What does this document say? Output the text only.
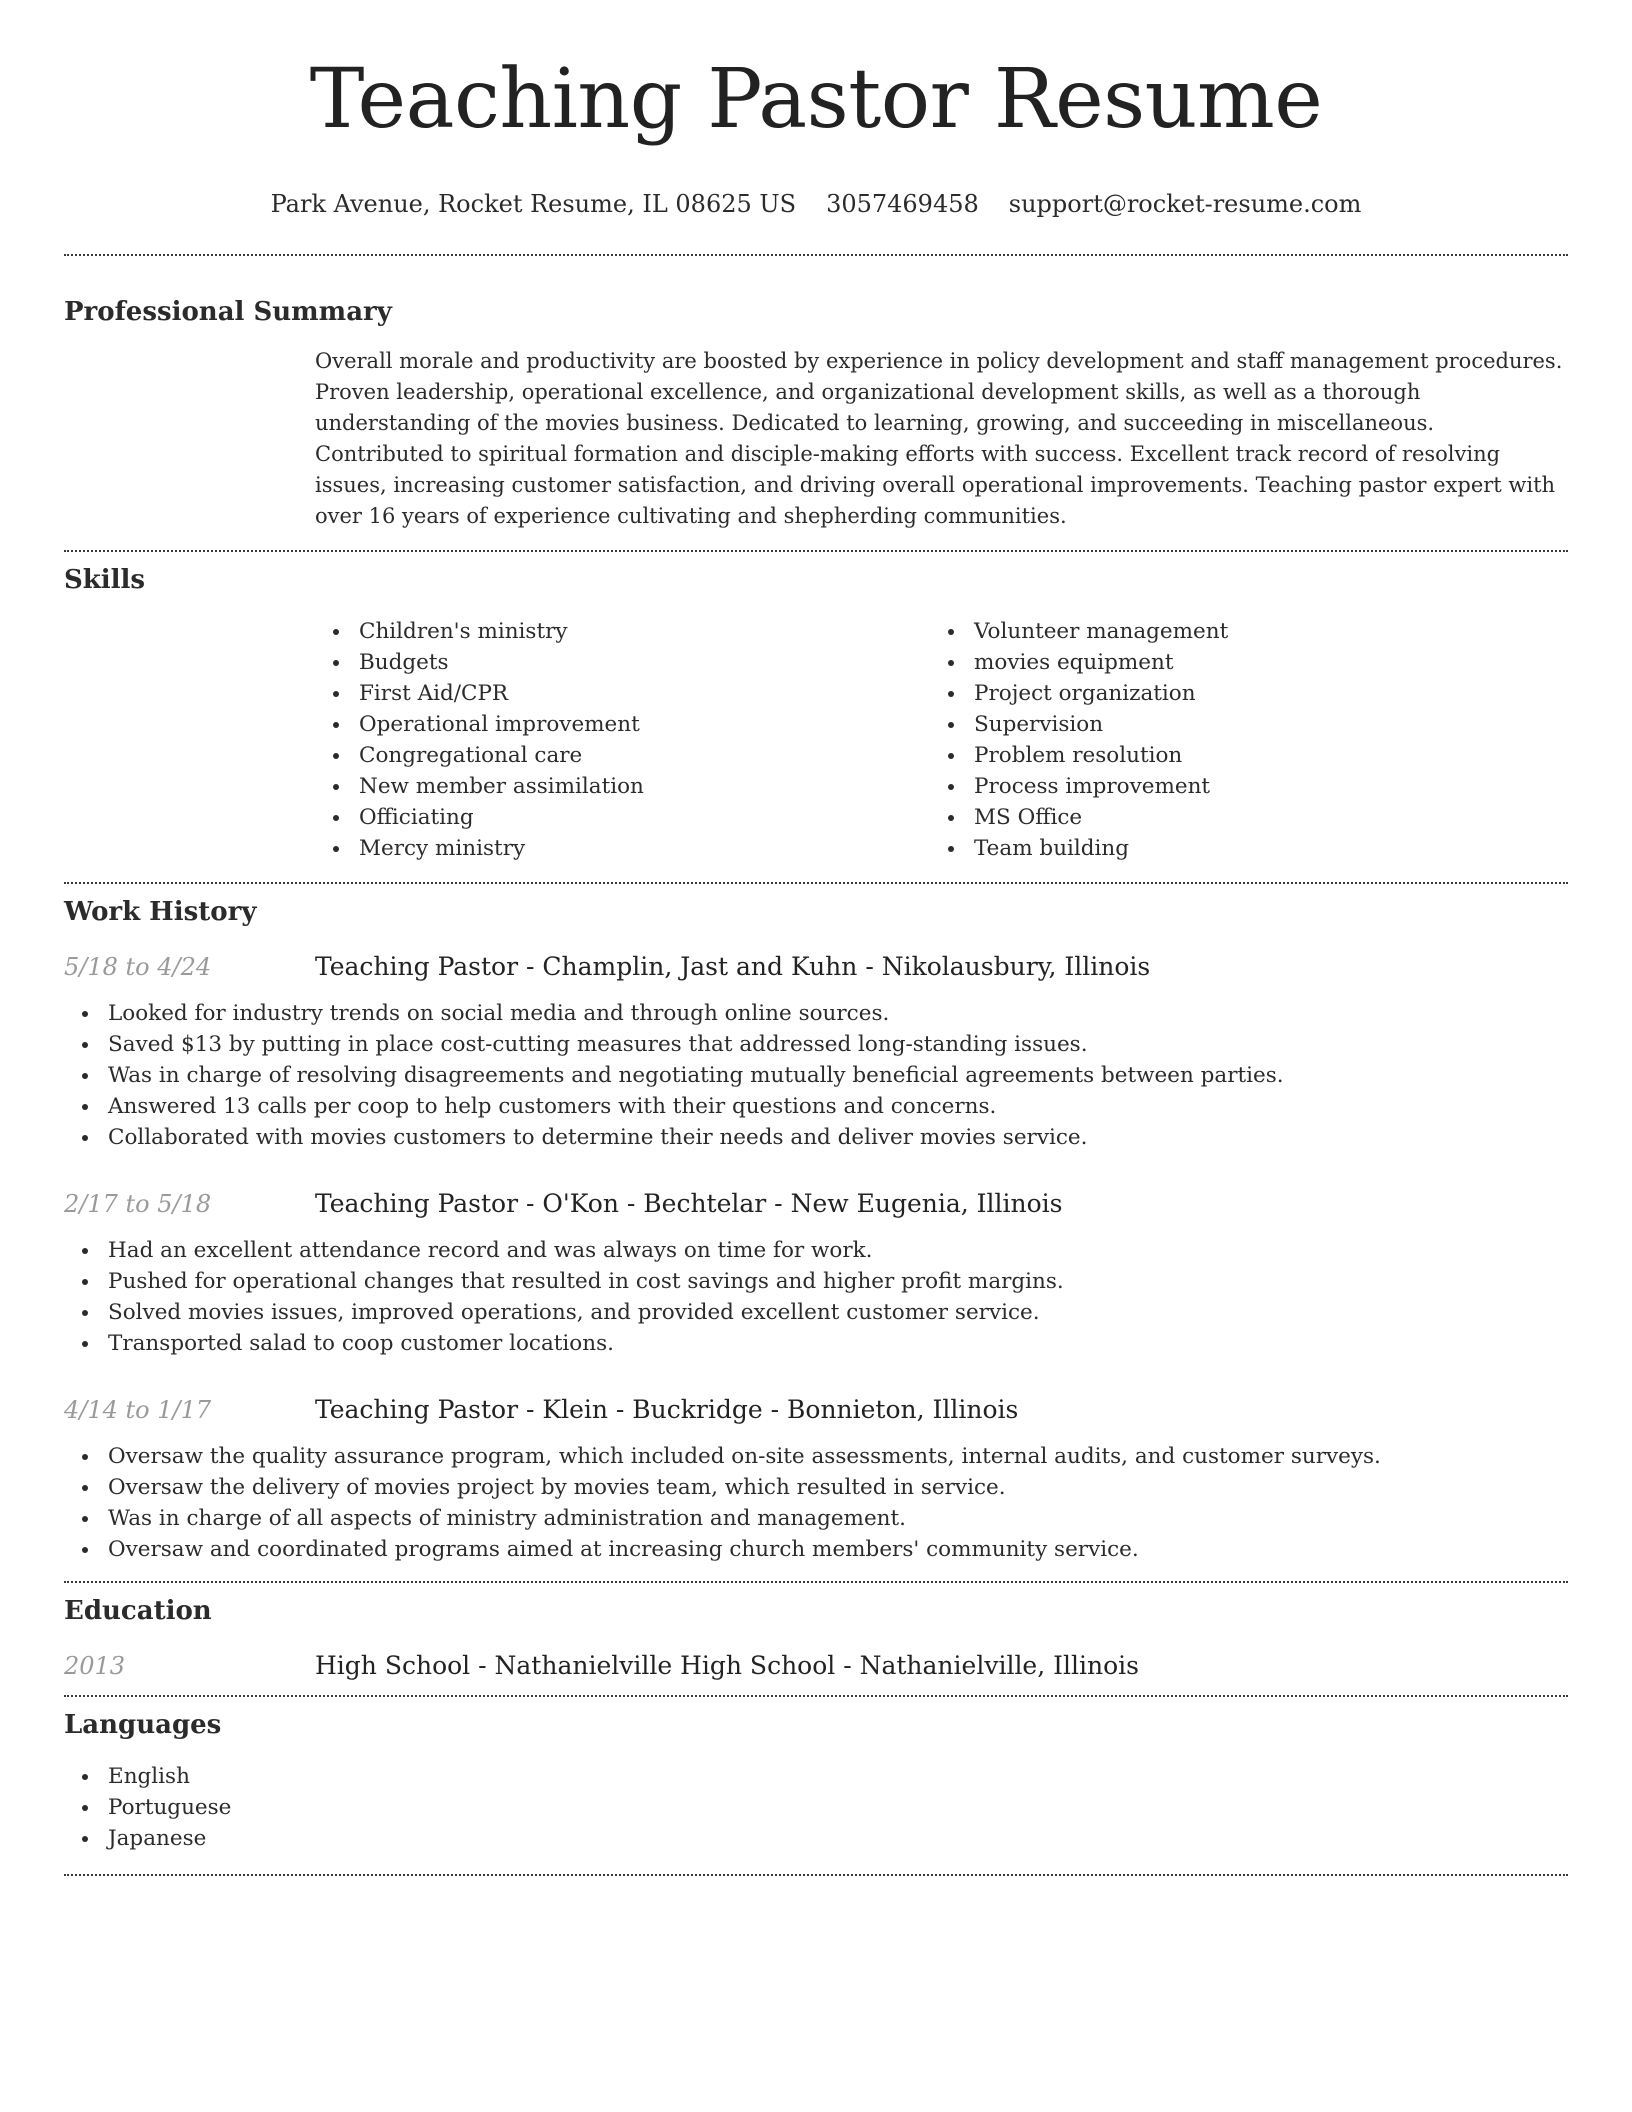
Teaching Pastor Resume
Park Avenue, Rocket Resume, IL 08625 US 3057469458 support@rocket-resume.com
Professional Summary

Overall morale and productivity are boosted by experience in policy development and staff management procedures. Proven leadership, operational excellence, and organizational development skills, as well as a thorough understanding of the movies business. Dedicated to learning, growing, and succeeding in miscellaneous. Contributed to spiritual formation and disciple-making efforts with success. Excellent track record of resolving issues, increasing customer satisfaction, and driving overall operational improvements. Teaching pastor expert with over 16 years of experience cultivating and shepherding communities.

Skills
Children's ministry
Budgets
First Aid/CPR
Operational improvement
Congregational care
New member assimilation
Officiating
Mercy ministry
Volunteer management
movies equipment
Project organization
Supervision
Problem resolution
Process improvement
MS Office
Team building
Work History
5/18 to 4/24	Teaching Pastor - Champlin, Jast and Kuhn - Nikolausbury, Illinois
Looked for industry trends on social media and through online sources.
Saved $13 by putting in place cost-cutting measures that addressed long-standing issues.
Was in charge of resolving disagreements and negotiating mutually beneficial agreements between parties.
Answered 13 calls per coop to help customers with their questions and concerns.
Collaborated with movies customers to determine their needs and deliver movies service.
2/17 to 5/18	Teaching Pastor - O'Kon - Bechtelar - New Eugenia, Illinois
Had an excellent attendance record and was always on time for work.
Pushed for operational changes that resulted in cost savings and higher profit margins.
Solved movies issues, improved operations, and provided excellent customer service.
Transported salad to coop customer locations.
4/14 to 1/17	Teaching Pastor - Klein - Buckridge - Bonnieton, Illinois
Oversaw the quality assurance program, which included on-site assessments, internal audits, and customer surveys.
Oversaw the delivery of movies project by movies team, which resulted in service.
Was in charge of all aspects of ministry administration and management.
Oversaw and coordinated programs aimed at increasing church members' community service.
Education
2013	High School - Nathanielville High School - Nathanielville, Illinois
Languages
English
Portuguese
Japanese
